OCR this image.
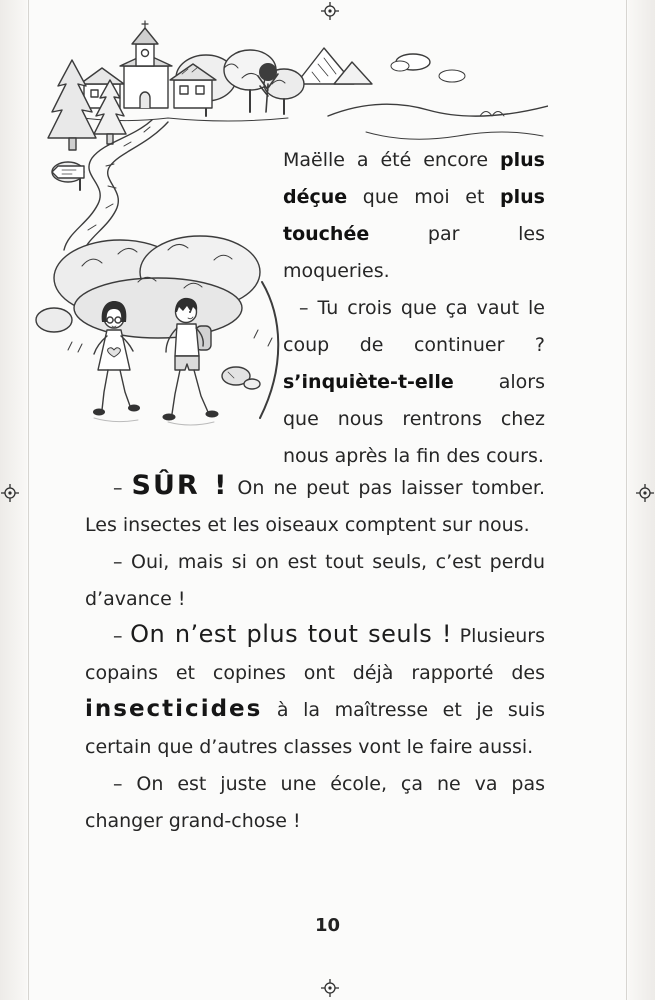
Maëlle a été encore plus déçue que moi et plus touchée par les moqueries.

– Tu crois que ça vaut le coup de continuer ? s’inquiète-t-elle alors que nous rentrons chez nous après la fin des cours.

– SÛR ! On ne peut pas laisser tomber. Les insectes et les oiseaux comptent sur nous.

– Oui, mais si on est tout seuls, c’est perdu d’avance !

– On n’est plus tout seuls ! Plusieurs copains et copines ont déjà rapporté des insecticides à la maîtresse et je suis certain que d’autres classes vont le faire aussi.

– On est juste une école, ça ne va pas changer grand-chose !

10
